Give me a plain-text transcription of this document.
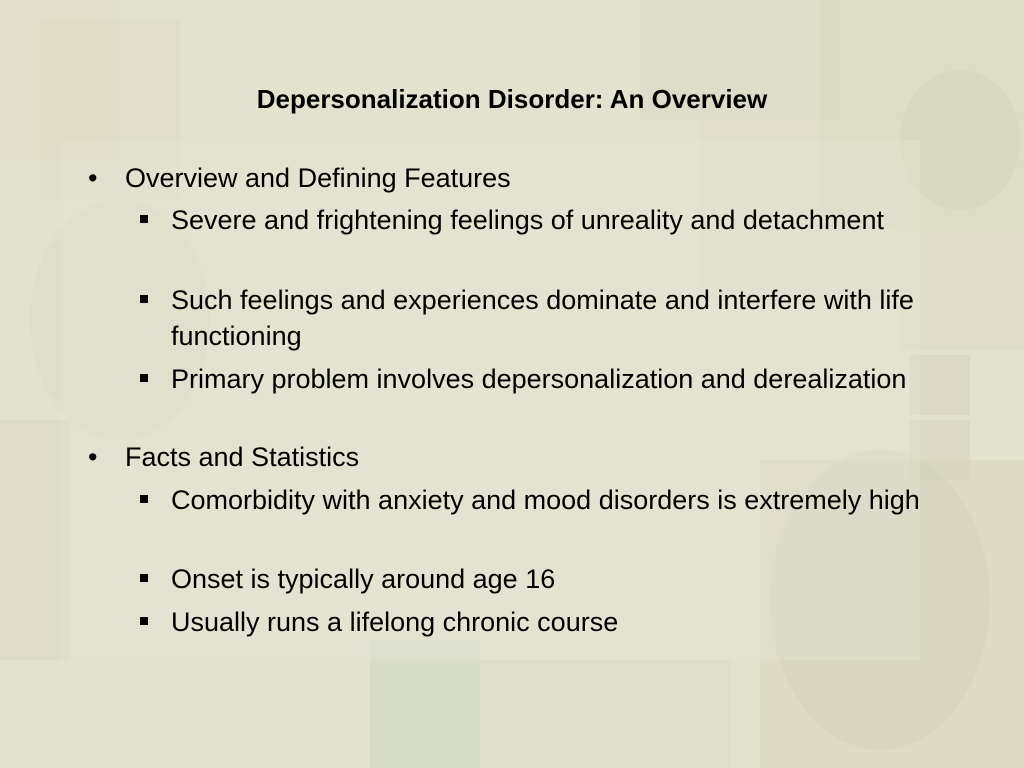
Depersonalization Disorder: An Overview
•	Overview and Defining Features
Severe and frightening feelings of unreality and detachment
Such feelings and experiences dominate and interfere with life functioning
Primary problem involves depersonalization and derealization
•	Facts and Statistics
Comorbidity with anxiety and mood disorders is extremely high
Onset is typically around age 16
Usually runs a lifelong chronic course
